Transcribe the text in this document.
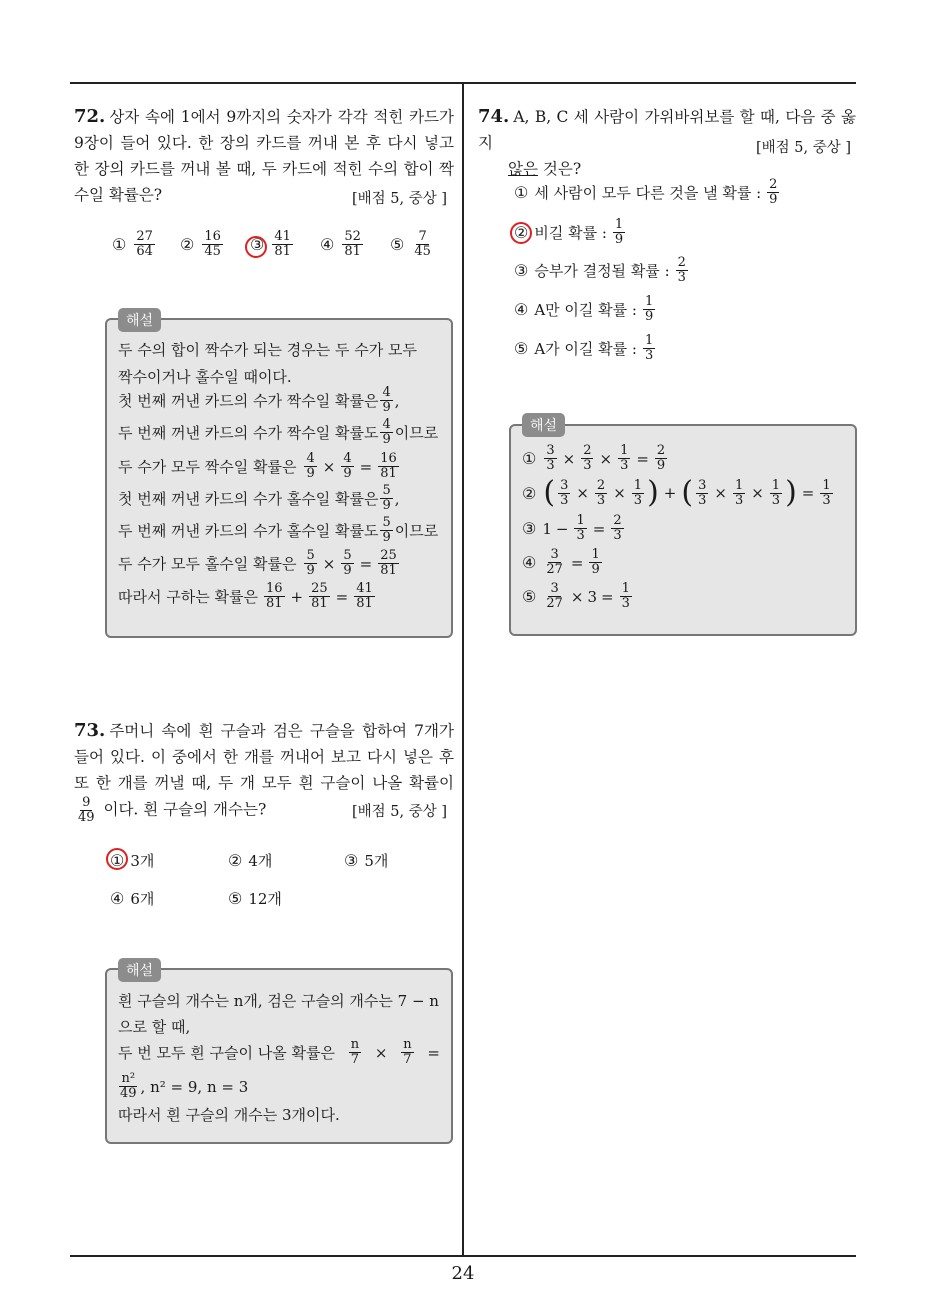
24
72. 상자 속에 1에서 9까지의 숫자가 각각 적힌 카드가 9장이 들어 있다. 한 장의 카드를 꺼내 본 후 다시 넣고 한 장의 카드를 꺼내 볼 때, 두 카드에 적힌 수의 합이 짝수일 확률은?	[배점 5, 중상 ]
① $\frac{27}{64}$ ② $\frac{16}{45}$ ③ $\frac{41}{81}$ ④ $\frac{52}{81}$ ⑤ $\frac{7}{45}$
해설
두 수의 합이 짝수가 되는 경우는 두 수가 모두
짝수이거나 홀수일 때이다.
첫 번째 꺼낸 카드의 수가 짝수일 확률은 $\frac{4}{9}$ ,
두 번째 꺼낸 카드의 수가 짝수일 확률도 $\frac{4}{9}$ 이므로
두 수가 모두 짝수일 확률은 $\frac{4}{9} \times \frac{4}{9} = \frac{16}{81}$
첫 번째 꺼낸 카드의 수가 홀수일 확률은 $\frac{5}{9}$ ,
두 번째 꺼낸 카드의 수가 홀수일 확률도 $\frac{5}{9}$ 이므로
두 수가 모두 홀수일 확률은 $\frac{5}{9} \times \frac{5}{9} = \frac{25}{81}$
따라서 구하는 확률은 $\frac{16}{81} + \frac{25}{81} = \frac{41}{81}$
73. 주머니 속에 흰 구슬과 검은 구슬을 합하여 7개가 들어 있다. 이 중에서 한 개를 꺼내어 보고 다시 넣은 후 또 한 개를 꺼낼 때, 두 개 모두 흰 구슬이 나올 확률이
$\frac{9}{49}$ 이다. 흰 구슬의 개수는?	[배점 5, 중상 ]
① 3개	② 4개	③ 5개
④ 6개	⑤ 12개
해설
흰 구슬의 개수는 n개, 검은 구슬의 개수는 7 − n
으로 할 때,
두 번 모두 흰 구슬이 나올 확률은 $\frac{n}{7} \times \frac{n}{7}$ =
$\frac{\text{n²}}{49}$ , n² = 9, n = 3
따라서 흰 구슬의 개수는 3개이다.
74. A, B, C 세 사람이 가위바위보를 할 때, 다음 중 옳지
않은 것은?
[배점 5, 중상 ]
① 세 사람이 모두 다른 것을 낼 확률 : $\frac{2}{9}$
② 비길 확률 : $\frac{1}{9}$
③ 승부가 결정될 확률 : $\frac{2}{3}$
④ A만 이길 확률 : $\frac{1}{9}$
⑤ A가 이길 확률 : $\frac{1}{3}$
해설
① $\frac{3}{3} \times \frac{2}{3} \times \frac{1}{3} = \frac{2}{9}$
② ( $\frac{3}{3} \times \frac{2}{3} \times \frac{1}{3}$ ) + ( $\frac{3}{3} \times \frac{1}{3} \times \frac{1}{3}$ ) = $\frac{1}{3}$
③ $1 - \frac{1}{3} = \frac{2}{3}$
④ $\frac{3}{27} = \frac{1}{9}$
⑤ $\frac{3}{27} \times 3 = \frac{1}{3}$
